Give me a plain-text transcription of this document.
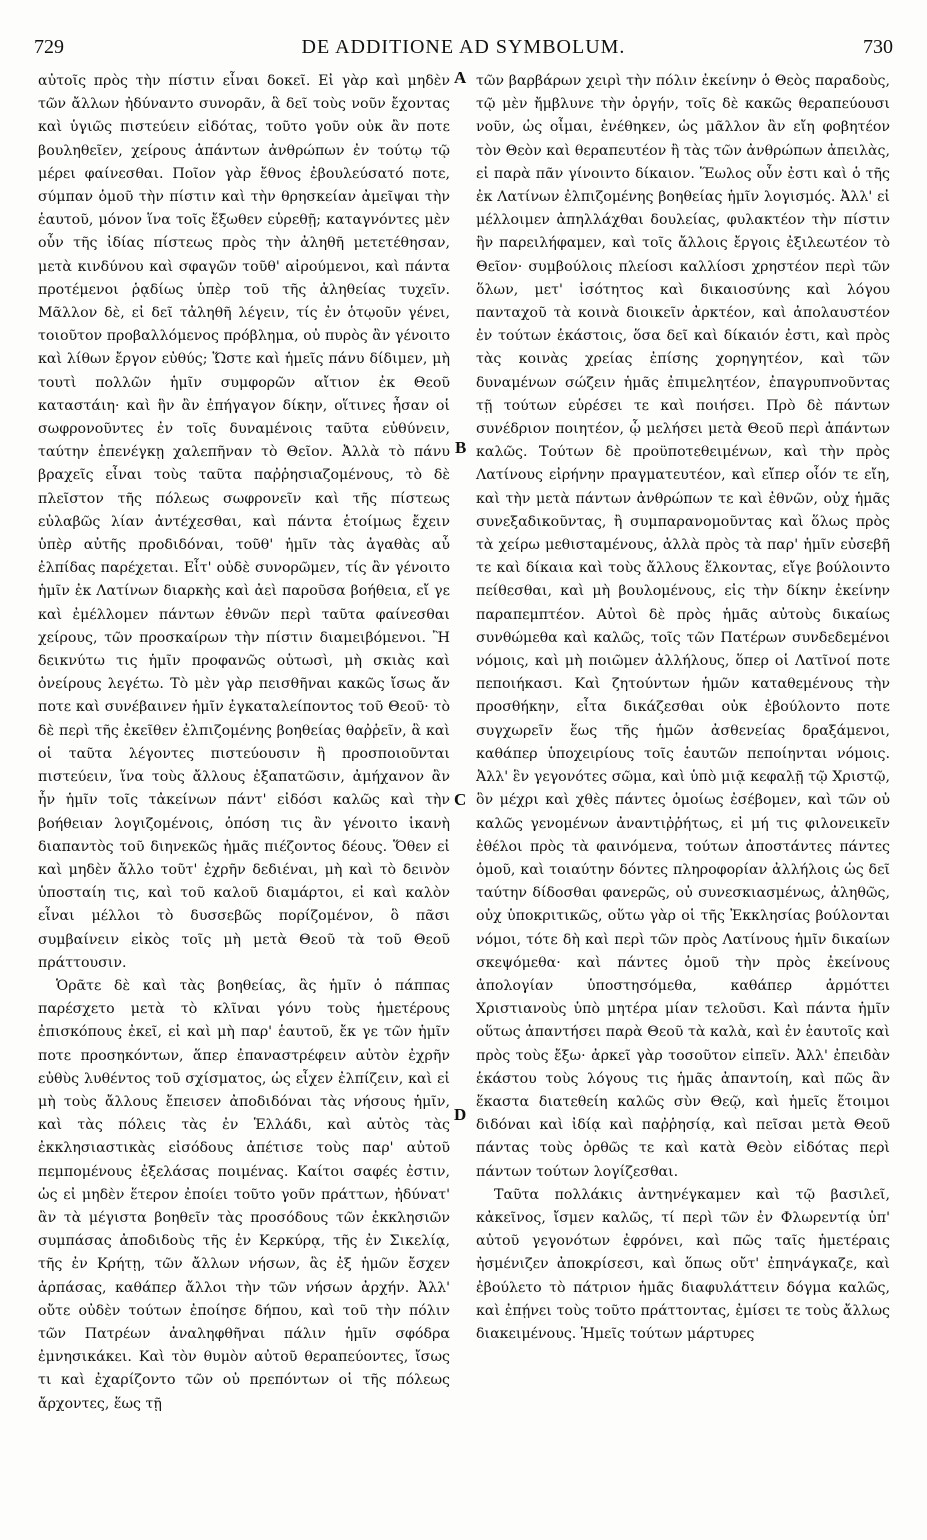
729	DE ADDITIONE AD SYMBOLUM.	730

αὐτοῖς πρὸς τὴν πίστιν εἶναι δοκεῖ. Εἰ γὰρ καὶ μηδὲν τῶν ἄλλων ἠδύναντο συνορᾶν, ἃ δεῖ τοὺς νοῦν ἔχοντας καὶ ὑγιῶς πιστεύειν εἰδότας, τοῦτο γοῦν οὐκ ἂν ποτε βουληθεῖεν, χείρους ἁπάντων ἀνθρώπων ἐν τούτῳ τῷ μέρει φαίνεσθαι. Ποῖον γὰρ ἔθνος ἐβουλεύσατό ποτε, σύμπαν ὁμοῦ τὴν πίστιν καὶ τὴν θρησκείαν ἀμεῖψαι τὴν ἑαυτοῦ, μόνον ἵνα τοῖς ἔξωθεν εὑρεθῇ; καταγνόντες μὲν οὖν τῆς ἰδίας πίστεως πρὸς τὴν ἀληθῆ μετετέθησαν, μετὰ κινδύνου καὶ σφαγῶν τοῦθ' αἱρούμενοι, καὶ πάντα προτέμενοι ῥᾳδίως ὑπὲρ τοῦ τῆς ἀληθείας τυχεῖν. Μᾶλλον δὲ, εἰ δεῖ τἀληθῆ λέγειν, τίς ἐν ὁτῳοῦν γένει, τοιοῦτον προβαλλόμενος πρόβλημα, οὐ πυρὸς ἂν γένοιτο καὶ λίθων ἔργον εὐθύς; Ὥστε καὶ ἡμεῖς πάνυ δίδιμεν, μὴ τουτὶ πολλῶν ἡμῖν συμφορῶν αἴτιον ἐκ Θεοῦ καταστάιη· καὶ ἣν ἂν ἐπήγαγον δίκην, οἵτινες ἦσαν οἱ σωφρονοῦντες ἐν τοῖς δυναμένοις ταῦτα εὐθύνειν, ταύτην ἐπενέγκῃ χαλεπῆναν τὸ Θεῖον. Ἀλλὰ τὸ πάνυ βραχεῖς εἶναι τοὺς ταῦτα παῤῥησιαζομένους, τὸ δὲ πλεῖστον τῆς πόλεως σωφρονεῖν καὶ τῆς πίστεως εὐλαβῶς λίαν ἀντέχεσθαι, καὶ πάντα ἑτοίμως ἔχειν ὑπὲρ αὐτῆς προδιδόναι, τοῦθ' ἡμῖν τὰς ἀγαθὰς αὖ ἐλπίδας παρέχεται. Εἶτ' οὐδὲ συνορῶμεν, τίς ἂν γένοιτο ἡμῖν ἐκ Λατίνων διαρκὴς καὶ ἀεὶ παροῦσα βοήθεια, εἴ γε καὶ ἐμέλλομεν πάντων ἐθνῶν περὶ ταῦτα φαίνεσθαι χείρους, τῶν προσκαίρων τὴν πίστιν διαμειβόμενοι. Ἢ δεικνύτω τις ἡμῖν προφανῶς οὑτωσὶ, μὴ σκιὰς καὶ ὀνείρους λεγέτω. Τὸ μὲν γὰρ πεισθῆναι κακῶς ἴσως ἄν ποτε καὶ συνέβαινεν ἡμῖν ἐγκαταλείποντος τοῦ Θεοῦ· τὸ δὲ περὶ τῆς ἐκεῖθεν ἐλπιζομένης βοηθείας θαῤῥεῖν, ἃ καὶ οἱ ταῦτα λέγοντες πιστεύουσιν ἢ προσποιοῦνται πιστεύειν, ἵνα τοὺς ἄλλους ἐξαπατῶσιν, ἀμήχανον ἂν ἦν ἡμῖν τοῖς τἀκείνων πάντ' εἰδόσι καλῶς καὶ τὴν βοήθειαν λογιζομένοις, ὁπόση τις ἂν γένοιτο ἱκανὴ διαπαντὸς τοῦ διηνεκῶς ἡμᾶς πιέζοντος δέους. Ὅθεν εἰ καὶ μηδὲν ἄλλο τοῦτ' ἐχρῆν δεδιέναι, μὴ καὶ τὸ δεινὸν ὑποσταίη τις, καὶ τοῦ καλοῦ διαμάρτοι, εἰ καὶ καλὸν εἶναι μέλλοι τὸ δυσσεβῶς πορίζομένον, ὃ πᾶσι συμβαίνειν εἰκὸς τοῖς μὴ μετὰ Θεοῦ τὰ τοῦ Θεοῦ πράττουσιν.

Ὁρᾶτε δὲ καὶ τὰς βοηθείας, ἃς ἡμῖν ὁ πάππας παρέσχετο μετὰ τὸ κλῖναι γόνυ τοὺς ἡμετέρους ἐπισκόπους ἐκεῖ, εἰ καὶ μὴ παρ' ἑαυτοῦ, ἔκ γε τῶν ἡμῖν ποτε προσηκόντων, ἅπερ ἐπαναστρέφειν αὐτὸν ἐχρῆν εὐθὺς λυθέντος τοῦ σχίσματος, ὡς εἶχεν ἐλπίζειν, καὶ εἰ μὴ τοὺς ἄλλους ἔπεισεν ἀποδιδόναι τὰς νήσους ἡμῖν, καὶ τὰς πόλεις τὰς ἐν Ἑλλάδι, καὶ αὐτὸς τὰς ἐκκλησιαστικὰς εἰσόδους ἀπέτισε τοὺς παρ' αὐτοῦ πεμπομένους ἐξελάσας ποιμένας. Καίτοι σαφές ἐστιν, ὡς εἰ μηδὲν ἕτερον ἐποίει τοῦτο γοῦν πράττων, ἠδύνατ' ἂν τὰ μέγιστα βοηθεῖν τὰς προσόδους τῶν ἐκκλησιῶν συμπάσας ἀποδιδοὺς τῆς ἐν Κερκύρᾳ, τῆς ἐν Σικελίᾳ, τῆς ἐν Κρήτῃ, τῶν ἄλλων νήσων, ἃς ἐξ ἡμῶν ἔσχεν ἁρπάσας, καθάπερ ἄλλοι τὴν τῶν νήσων ἀρχήν. Ἀλλ' οὔτε οὐδὲν τούτων ἐποίησε δήπου, καὶ τοῦ τὴν πόλιν τῶν Πατρέων ἀναληφθῆναι πάλιν ἡμῖν σφόδρα ἐμνησικάκει. Καὶ τὸν θυμὸν αὐτοῦ θεραπεύοντες, ἴσως τι καὶ ἐχαρίζοντο τῶν οὐ πρεπόντων οἱ τῆς πόλεως ἄρχοντες, ἕως τῇ

τῶν βαρβάρων χειρὶ τὴν πόλιν ἐκείνην ὁ Θεὸς παραδοὺς, τῷ μὲν ἤμβλυνε τὴν ὀργήν, τοῖς δὲ κακῶς θεραπεύουσι νοῦν, ὡς οἶμαι, ἐνέθηκεν, ὡς μᾶλλον ἂν εἴη φοβητέον τὸν Θεὸν καὶ θεραπευτέον ἢ τὰς τῶν ἀνθρώπων ἀπειλὰς, εἰ παρὰ πᾶν γίνοιντο δίκαιον. Ἕωλος οὖν ἐστι καὶ ὁ τῆς ἐκ Λατίνων ἐλπιζομένης βοηθείας ἡμῖν λογισμός. Ἀλλ' εἰ μέλλοιμεν ἀπηλλάχθαι δουλείας, φυλακτέον τὴν πίστιν ἣν παρειλήφαμεν, καὶ τοῖς ἄλλοις ἔργοις ἐξιλεωτέον τὸ Θεῖον· συμβούλοις πλείοσι καλλίοσι χρηστέον περὶ τῶν ὅλων, μετ' ἰσότητος καὶ δικαιοσύνης καὶ λόγου πανταχοῦ τὰ κοινὰ διοικεῖν ἀρκτέον, καὶ ἀπολαυστέον ἐν τούτων ἑκάστοις, ὅσα δεῖ καὶ δίκαιόν ἐστι, καὶ πρὸς τὰς κοινὰς χρείας ἐπίσης χορηγητέον, καὶ τῶν δυναμένων σώζειν ἡμᾶς ἐπιμελητέον, ἐπαγρυπνοῦντας τῇ τούτων εὑρέσει τε καὶ ποιήσει. Πρὸ δὲ πάντων συνέδριον ποιητέον, ᾧ μελήσει μετὰ Θεοῦ περὶ ἁπάντων καλῶς. Τούτων δὲ προϋποτεθειμένων, καὶ τὴν πρὸς Λατίνους εἰρήνην πραγματευτέον, καὶ εἴπερ οἷόν τε εἴη, καὶ τὴν μετὰ πάντων ἀνθρώπων τε καὶ ἐθνῶν, οὐχ ἡμᾶς συνεξαδικοῦντας, ἢ συμπαρανομοῦντας καὶ ὅλως πρὸς τὰ χείρω μεθισταμένους, ἀλλὰ πρὸς τὰ παρ' ἡμῖν εὐσεβῆ τε καὶ δίκαια καὶ τοὺς ἄλλους ἕλκοντας, εἴγε βούλοιντο πείθεσθαι, καὶ μὴ βουλομένους, εἰς τὴν δίκην ἐκείνην παραπεμπτέον. Αὐτοὶ δὲ πρὸς ἡμᾶς αὐτοὺς δικαίως συνθώμεθα καὶ καλῶς, τοῖς τῶν Πατέρων συνδεδεμένοι νόμοις, καὶ μὴ ποιῶμεν ἀλλήλους, ὅπερ οἱ Λατῖνοί ποτε πεποιήκασι. Καὶ ζητούντων ἡμῶν καταθεμένους τὴν προσθήκην, εἶτα δικάζεσθαι οὐκ ἐβούλοντο ποτε συγχωρεῖν ἕως τῆς ἡμῶν ἀσθενείας δραξάμενοι, καθάπερ ὑποχειρίους τοῖς ἑαυτῶν πεποίηνται νόμοις. Ἀλλ' ἓν γεγονότες σῶμα, καὶ ὑπὸ μιᾷ κεφαλῇ τῷ Χριστῷ, ὃν μέχρι καὶ χθὲς πάντες ὁμοίως ἐσέβομεν, καὶ τῶν οὐ καλῶς γενομένων ἀναντιῤῥήτως, εἰ μή τις φιλονεικεῖν ἐθέλοι πρὸς τὰ φαινόμενα, τούτων ἀποστάντες πάντες ὁμοῦ, καὶ τοιαύτην δόντες πληροφορίαν ἀλλήλοις ὡς δεῖ ταύτην δίδοσθαι φανερῶς, οὐ συνεσκιασμένως, ἀληθῶς, οὐχ ὑποκριτικῶς, οὕτω γὰρ οἱ τῆς Ἐκκλησίας βούλονται νόμοι, τότε δὴ καὶ περὶ τῶν πρὸς Λατίνους ἡμῖν δικαίων σκεψόμεθα· καὶ πάντες ὁμοῦ τὴν πρὸς ἐκείνους ἀπολογίαν ὑποστησόμεθα, καθάπερ ἁρμόττει Χριστιανοὺς ὑπὸ μητέρα μίαν τελοῦσι. Καὶ πάντα ἡμῖν οὕτως ἀπαντήσει παρὰ Θεοῦ τὰ καλὰ, καὶ ἐν ἑαυτοῖς καὶ πρὸς τοὺς ἔξω· ἀρκεῖ γὰρ τοσοῦτον εἰπεῖν. Ἀλλ' ἐπειδὰν ἑκάστου τοὺς λόγους τις ἡμᾶς ἀπαντοίη, καὶ πῶς ἂν ἕκαστα διατεθείη καλῶς σὺν Θεῷ, καὶ ἡμεῖς ἕτοιμοι διδόναι καὶ ἰδίᾳ καὶ παῤῥησίᾳ, καὶ πεῖσαι μετὰ Θεοῦ πάντας τοὺς ὀρθῶς τε καὶ κατὰ Θεὸν εἰδότας περὶ πάντων τούτων λογίζεσθαι.

Ταῦτα πολλάκις ἀντηνέγκαμεν καὶ τῷ βασιλεῖ, κἀκεῖνος, ἴσμεν καλῶς, τί περὶ τῶν ἐν Φλωρεντίᾳ ὑπ' αὐτοῦ γεγονότων ἐφρόνει, καὶ πῶς ταῖς ἡμετέραις ἠσμένιζεν ἀποκρίσεσι, καὶ ὅπως οὔτ' ἐπηνάγκαζε, καὶ ἐβούλετο τὸ πάτριον ἡμᾶς διαφυλάττειν δόγμα καλῶς, καὶ ἐπῄνει τοὺς τοῦτο πράττοντας, ἐμίσει τε τοὺς ἄλλως διακειμένους. Ἡμεῖς τούτων μάρτυρες

A
B
C
D
